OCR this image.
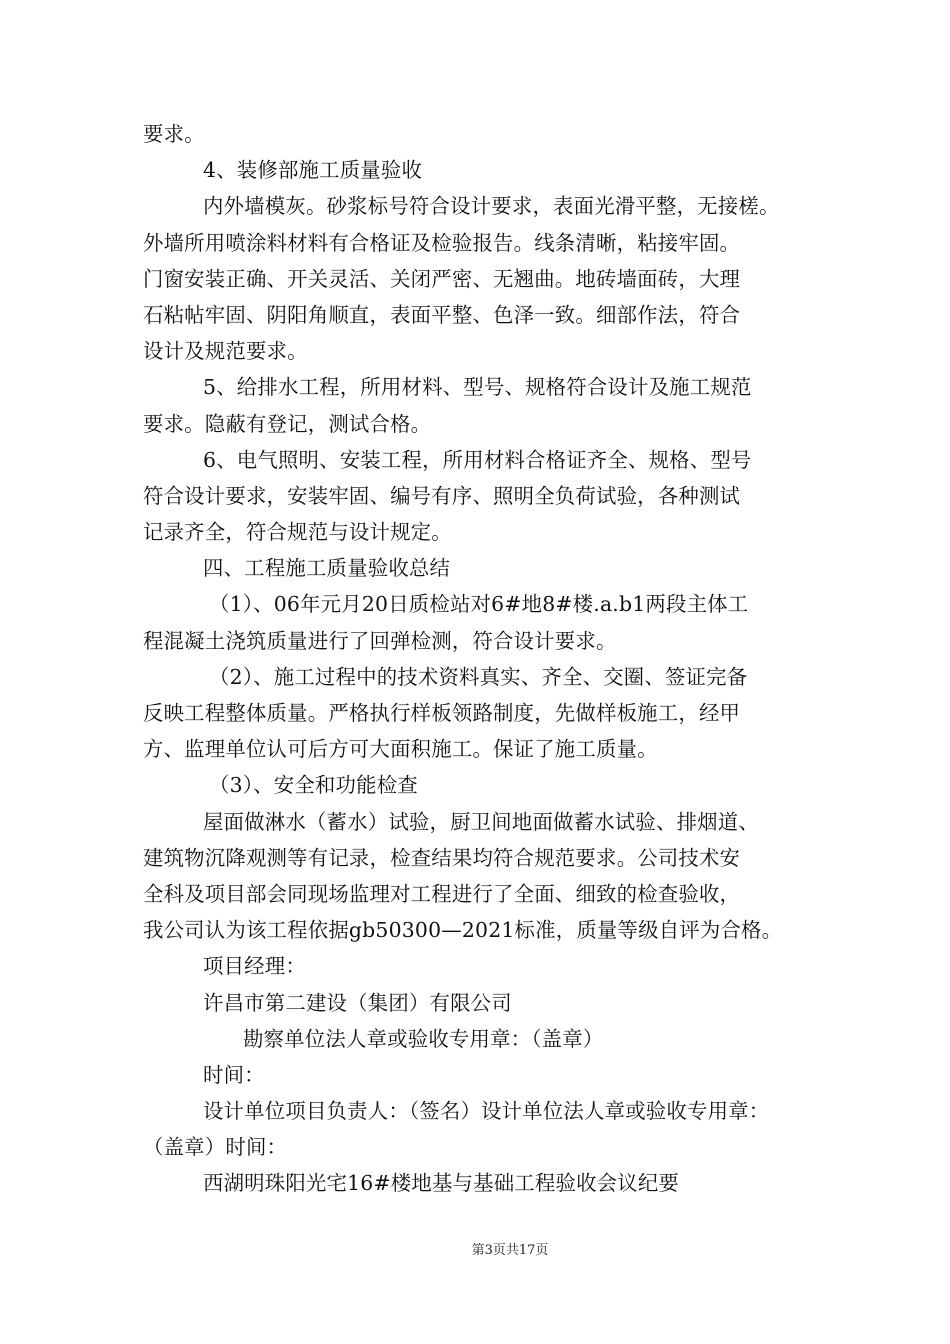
要求。
4、装修部施工质量验收
内外墙模灰。砂浆标号符合设计要求，表面光滑平整，无接槎。
外墙所用喷涂料材料有合格证及检验报告。线条清晰，粘接牢固。
门窗安装正确、开关灵活、关闭严密、无翘曲。地砖墙面砖，大理
石粘帖牢固、阴阳角顺直，表面平整、色泽一致。细部作法，符合
设计及规范要求。
5、给排水工程，所用材料、型号、规格符合设计及施工规范
要求。隐蔽有登记，测试合格。
6、电气照明、安装工程，所用材料合格证齐全、规格、型号
符合设计要求，安装牢固、编号有序、照明全负荷试验，各种测试
记录齐全，符合规范与设计规定。
四、工程施工质量验收总结
（1）、06年元月20日质检站对6#地8#楼.a.b1两段主体工
程混凝土浇筑质量进行了回弹检测，符合设计要求。
（2）、施工过程中的技术资料真实、齐全、交圈、签证完备
反映工程整体质量。严格执行样板领路制度，先做样板施工，经甲
方、监理单位认可后方可大面积施工。保证了施工质量。
（3）、安全和功能检查
屋面做淋水（蓄水）试验，厨卫间地面做蓄水试验、排烟道、
建筑物沉降观测等有记录，检查结果均符合规范要求。公司技术安
全科及项目部会同现场监理对工程进行了全面、细致的检查验收，
我公司认为该工程依据gb50300—2021标准，质量等级自评为合格。
项目经理：
许昌市第二建设（集团）有限公司
勘察单位法人章或验收专用章：（盖章）
时间：
设计单位项目负责人：（签名）设计单位法人章或验收专用章：
（盖章）时间：
西湖明珠阳光宅16#楼地基与基础工程验收会议纪要
第3页共17页
